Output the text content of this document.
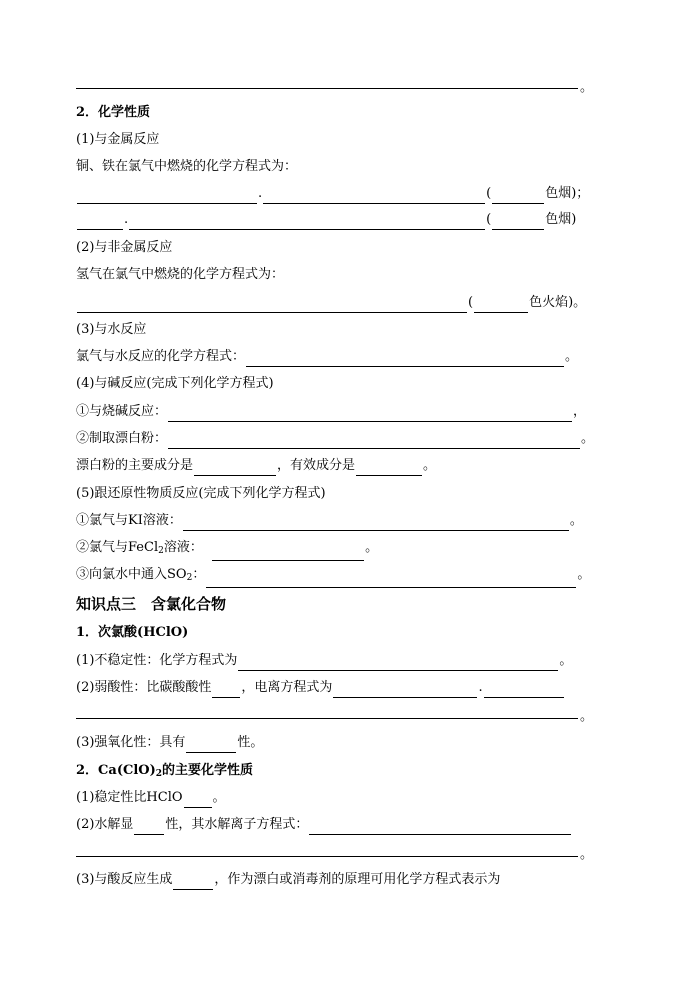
。
2．化学性质
(1)与金属反应
铜、铁在氯气中燃烧的化学方程式为：
.	(	色烟)；
.	(	色烟)
(2)与非金属反应
氢气在氯气中燃烧的化学方程式为：
(	色火焰)。
(3)与水反应
氯气与水反应的化学方程式：	。
(4)与碱反应(完成下列化学方程式)
①与烧碱反应：	，
②制取漂白粉：	。
漂白粉的主要成分是	，有效成分是	。
(5)跟还原性物质反应(完成下列化学方程式)
①氯气与KI溶液：	。
②氯气与FeCl$_2$溶液：	。
③向氯水中通入$SO_2$：	。
知识点三　含氯化合物
1．次氯酸(HClO)
(1)不稳定性：化学方程式为	。
(2)弱酸性：比碳酸酸性 ，电离方程式为	.
。
(3)强氧化性：具有	性。
2．$Ca(ClO)_2$的主要化学性质
(1)稳定性比HClO 。
(2)水解显 性，其水解离子方程式：
。
(3)与酸反应生成	，作为漂白或消毒剂的原理可用化学方程式表示为
